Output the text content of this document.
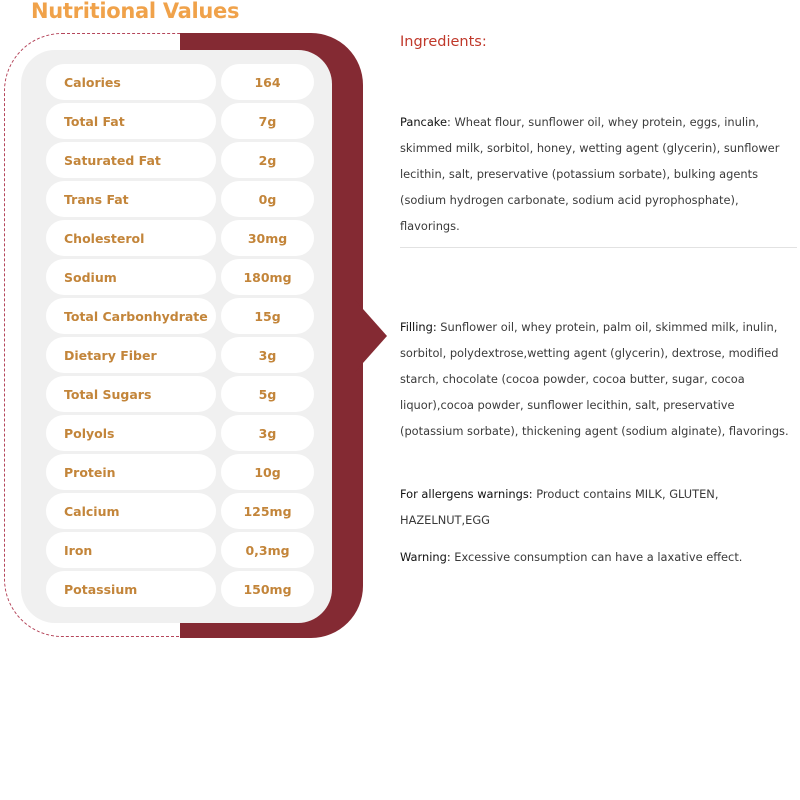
Nutritional Values
Calories	164
Total Fat	7g
Saturated Fat	2g
Trans Fat	0g
Cholesterol	30mg
Sodium	180mg
Total Carbonhydrate	15g
Dietary Fiber	3g
Total Sugars	5g
Polyols	3g
Protein	10g
Calcium	125mg
Iron	0,3mg
Potassium	150mg
Ingredients:
Pancake: Wheat flour, sunflower oil, whey protein, eggs, inulin, skimmed milk, sorbitol, honey, wetting agent (glycerin), sunflower lecithin, salt, preservative (potassium sorbate), bulking agents (sodium hydrogen carbonate, sodium acid pyrophosphate), flavorings.
Filling: Sunflower oil, whey protein, palm oil, skimmed milk, inulin, sorbitol, polydextrose,wetting agent (glycerin), dextrose, modified starch, chocolate (cocoa powder, cocoa butter, sugar, cocoa liquor),cocoa powder, sunflower lecithin, salt, preservative (potassium sorbate), thickening agent (sodium alginate), flavorings.
For allergens warnings: Product contains MILK, GLUTEN, HAZELNUT,EGG
Warning: Excessive consumption can have a laxative effect.
